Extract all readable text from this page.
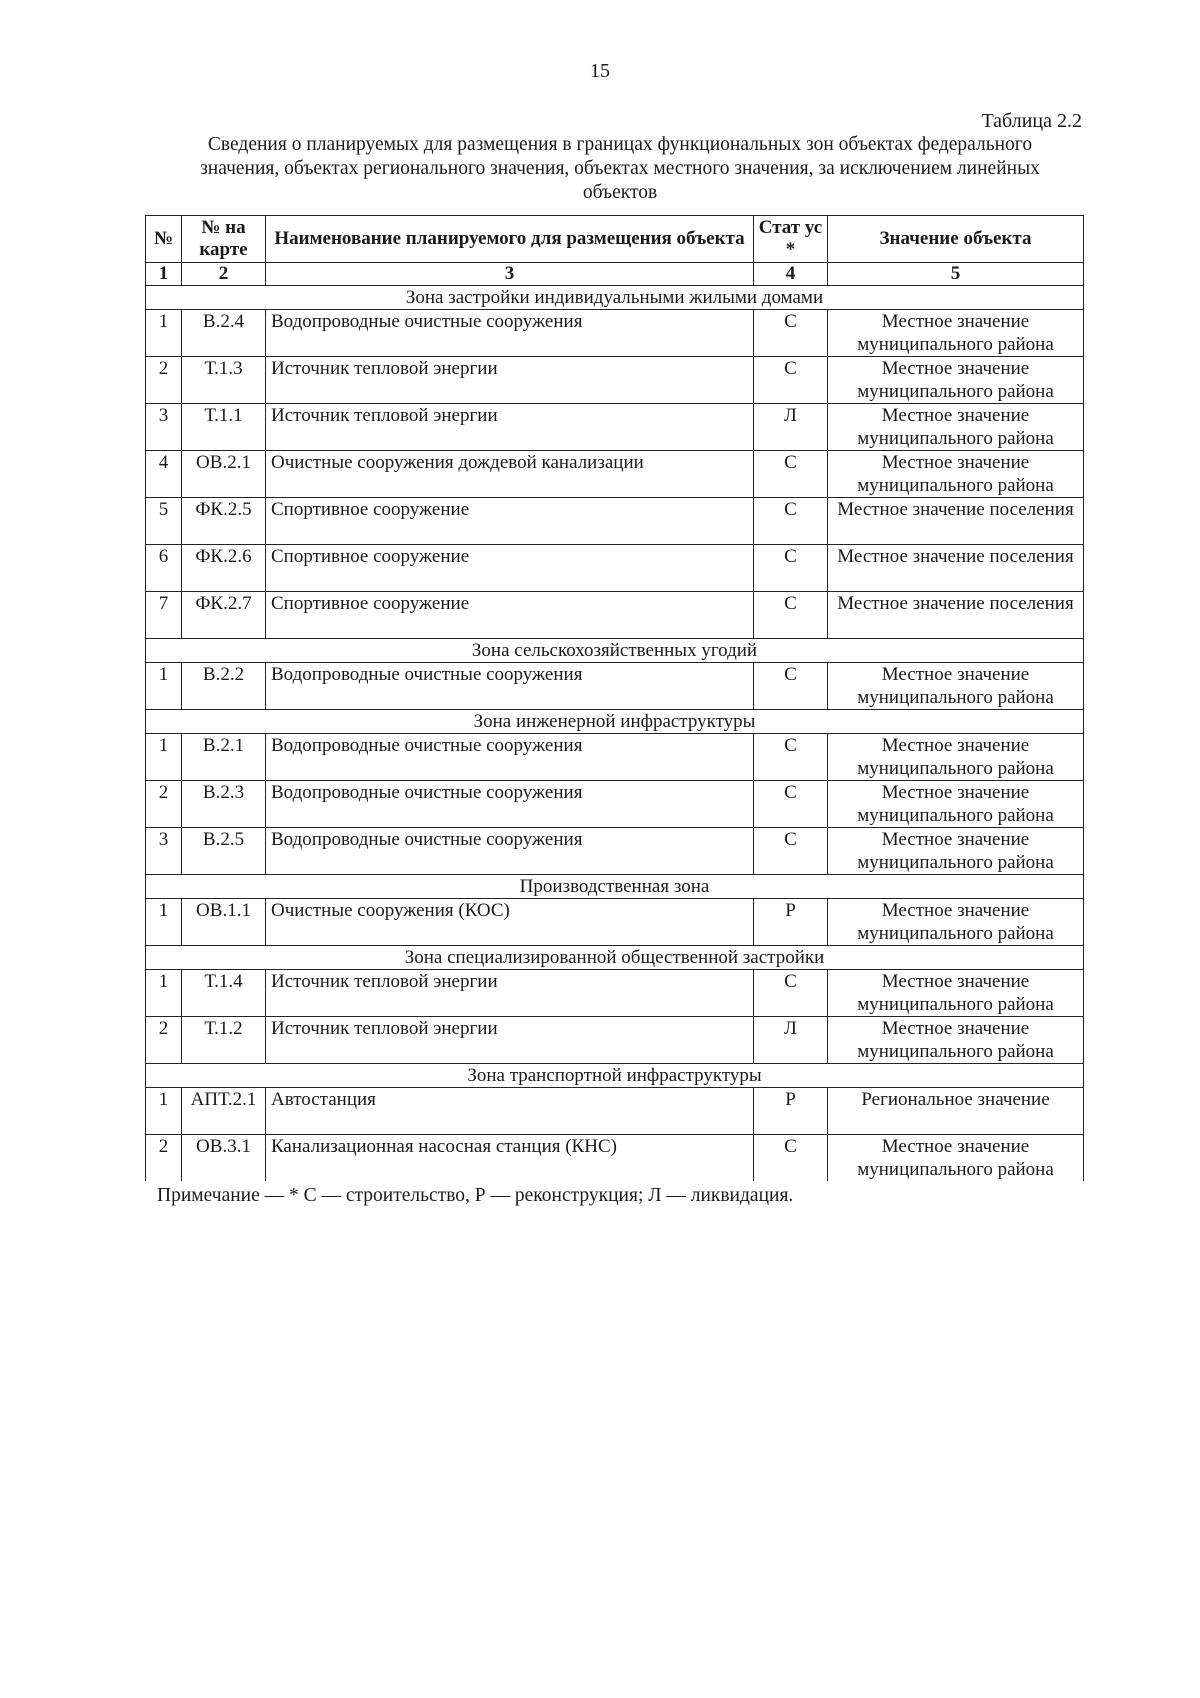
15
Таблица 2.2
Сведения о планируемых для размещения в границах функциональных зон объектах федерального значения, объектах регионального значения, объектах местного значения, за исключением линейных объектов
№	№ на карте	Наименование планируемого для размещения объекта	Стат ус *	Значение объекта
1	2	3	4	5
Зона застройки индивидуальными жилыми домами				
1	В.2.4	Водопроводные очистные сооружения	С	Местное значение муниципального района
2	Т.1.3	Источник тепловой энергии	С	Местное значение муниципального района
3	Т.1.1	Источник тепловой энергии	Л	Местное значение муниципального района
4	ОВ.2.1	Очистные сооружения дождевой канализации	С	Местное значение муниципального района
5	ФК.2.5	Спортивное сооружение	С	Местное значение поселения
6	ФК.2.6	Спортивное сооружение	С	Местное значение поселения
7	ФК.2.7	Спортивное сооружение	С	Местное значение поселения
Зона сельскохозяйственных угодий				
1	В.2.2	Водопроводные очистные сооружения	С	Местное значение муниципального района
Зона инженерной инфраструктуры				
1	В.2.1	Водопроводные очистные сооружения	С	Местное значение муниципального района
2	В.2.3	Водопроводные очистные сооружения	С	Местное значение муниципального района
3	В.2.5	Водопроводные очистные сооружения	С	Местное значение муниципального района
Производственная зона				
1	ОВ.1.1	Очистные сооружения (КОС)	Р	Местное значение муниципального района
Зона специализированной общественной застройки				
1	Т.1.4	Источник тепловой энергии	С	Местное значение муниципального района
2	Т.1.2	Источник тепловой энергии	Л	Местное значение муниципального района
Зона транспортной инфраструктуры				
1	АПТ.2.1	Автостанция	Р	Региональное значение
2	ОВ.3.1	Канализационная насосная станция (КНС)	С	Местное значение муниципального района
Примечание — * С — строительство, Р — реконструкция; Л — ликвидация.
